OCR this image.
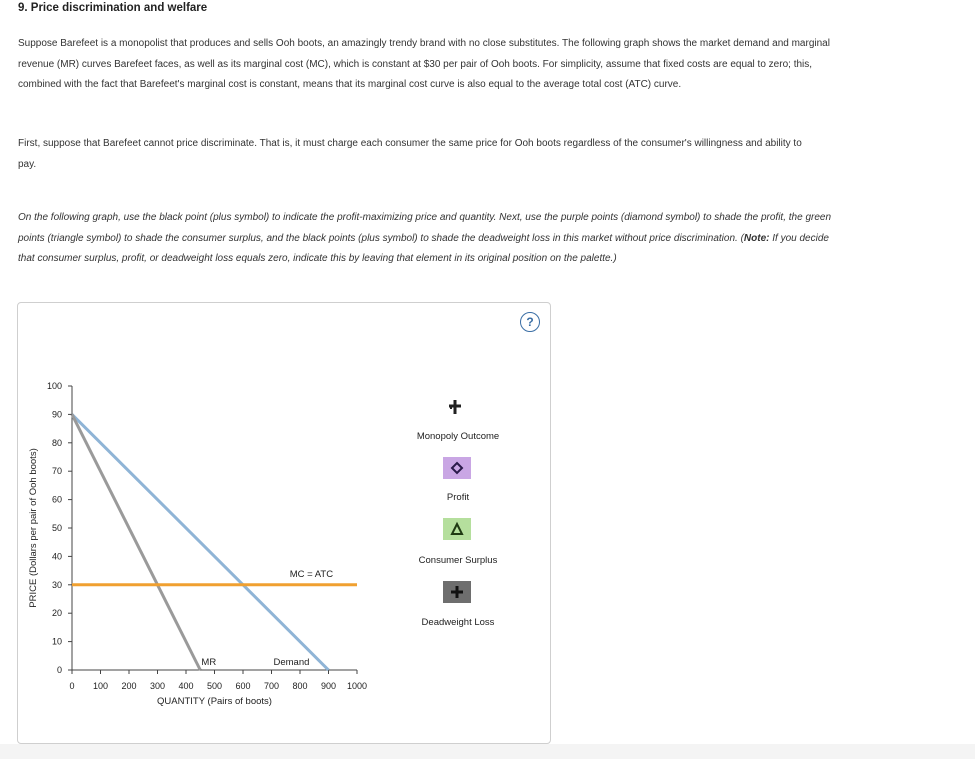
9. Price discrimination and welfare
Suppose Barefeet is a monopolist that produces and sells Ooh boots, an amazingly trendy brand with no close substitutes. The following graph shows the market demand and marginal revenue (MR) curves Barefeet faces, as well as its marginal cost (MC), which is constant at $30 per pair of Ooh boots. For simplicity, assume that fixed costs are equal to zero; this, combined with the fact that Barefeet's marginal cost is constant, means that its marginal cost curve is also equal to the average total cost (ATC) curve.
First, suppose that Barefeet cannot price discriminate. That is, it must charge each consumer the same price for Ooh boots regardless of the consumer's willingness and ability to pay.
On the following graph, use the black point (plus symbol) to indicate the profit-maximizing price and quantity. Next, use the purple points (diamond symbol) to shade the profit, the green points (triangle symbol) to shade the consumer surplus, and the black points (plus symbol) to shade the deadweight loss in this market without price discrimination. (Note: If you decide that consumer surplus, profit, or deadweight loss equals zero, indicate this by leaving that element in its original position on the palette.)
?
0
10
20
30
40
50
60
70
80
90
100
0 100 200 300 400 500 600 700 800 900 1000
QUANTITY (Pairs of boots)
PRICE (Dollars per pair of Ooh boots)
MR	Demand
MC = ATC
Monopoly Outcome
Profit
Consumer Surplus
Deadweight Loss
